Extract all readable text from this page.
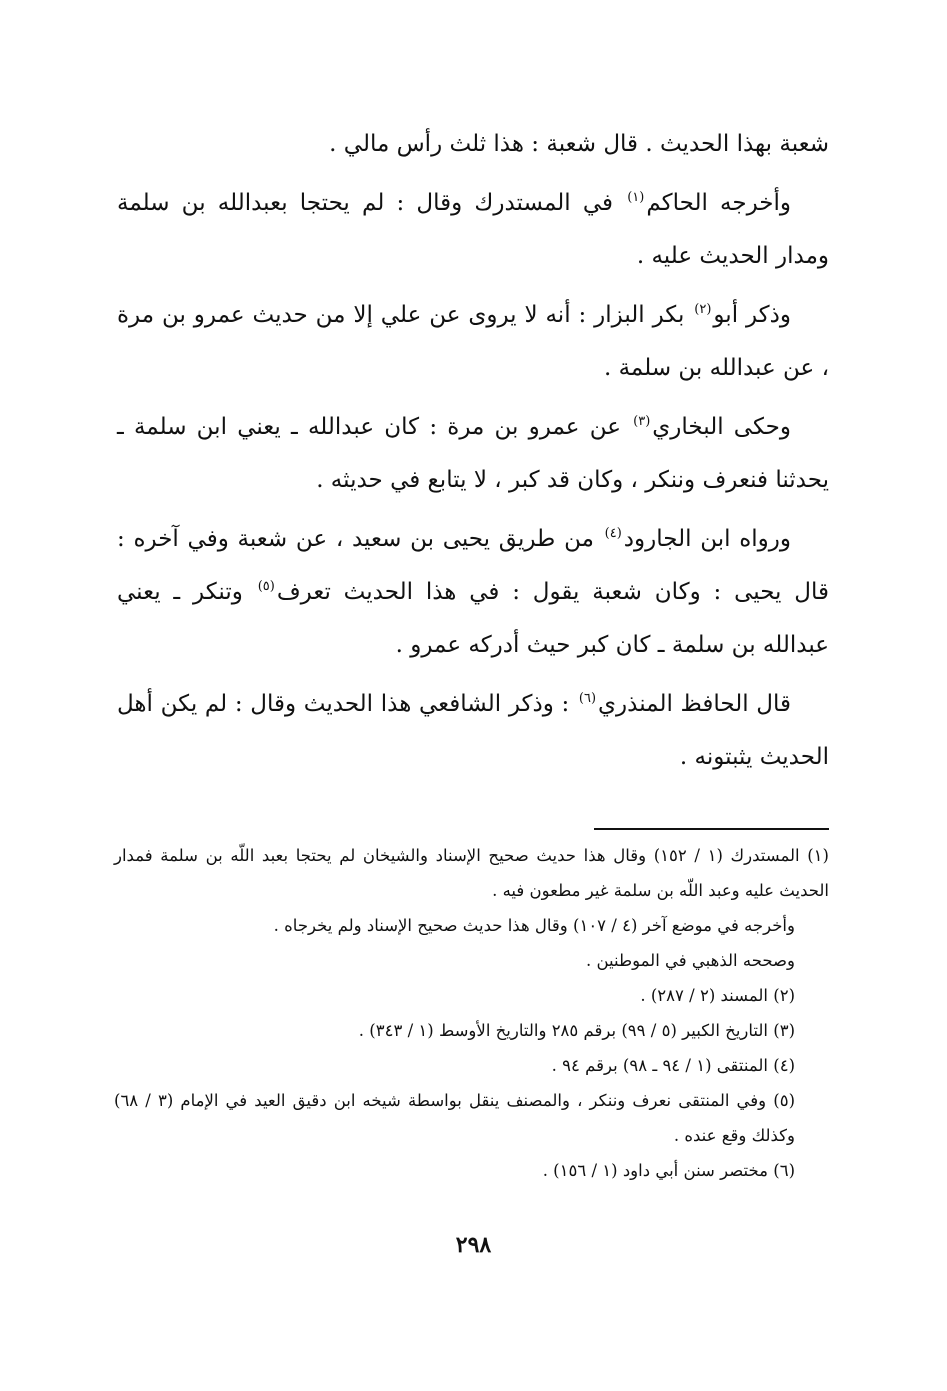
شعبة بهذا الحديث . قال شعبة : هذا ثلث رأس مالي .

وأخرجه الحاكم$^{(١)}$ في المستدرك وقال : لم يحتجا بعبدالله بن سلمة ومدار الحديث عليه .

وذكر أبو$^{(٢)}$ بكر البزار : أنه لا يروى عن علي إلا من حديث عمرو بن مرة ، عن عبدالله بن سلمة .

وحكى البخاري$^{(٣)}$ عن عمرو بن مرة : كان عبدالله ـ يعني ابن سلمة ـ يحدثنا فنعرف وننكر ، وكان قد كبر ، لا يتابع في حديثه .

ورواه ابن الجارود$^{(٤)}$ من طريق يحيى بن سعيد ، عن شعبة وفي آخره : قال يحيى : وكان شعبة يقول : في هذا الحديث تعرف$^{(٥)}$ وتنكر ـ يعني عبدالله بن سلمة ـ كان كبر حيث أدركه عمرو .

قال الحافظ المنذري$^{(٦)}$ : وذكر الشافعي هذا الحديث وقال : لم يكن أهل الحديث يثبتونه .

(١) المستدرك (١ / ١٥٢) وقال هذا حديث صحيح الإسناد والشيخان لم يحتجا بعبد اللّه بن سلمة فمدار الحديث عليه وعبد اللّه بن سلمة غير مطعون فيه .

وأخرجه في موضع آخر (٤ / ١٠٧) وقال هذا حديث صحيح الإسناد ولم يخرجاه .

وصححه الذهبي في الموطنين .

(٢) المسند (٢ / ٢٨٧) .

(٣) التاريخ الكبير (٥ / ٩٩) برقم ٢٨٥ والتاريخ الأوسط (١ / ٣٤٣) .

(٤) المنتقى (١ / ٩٤ ـ ٩٨) برقم ٩٤ .

(٥) وفي المنتقى نعرف وننكر ، والمصنف ينقل بواسطة شيخه ابن دقيق العيد في الإمام (٣ / ٦٨) وكذلك وقع عنده .

(٦) مختصر سنن أبي داود (١ / ١٥٦) .

٢٩٨
